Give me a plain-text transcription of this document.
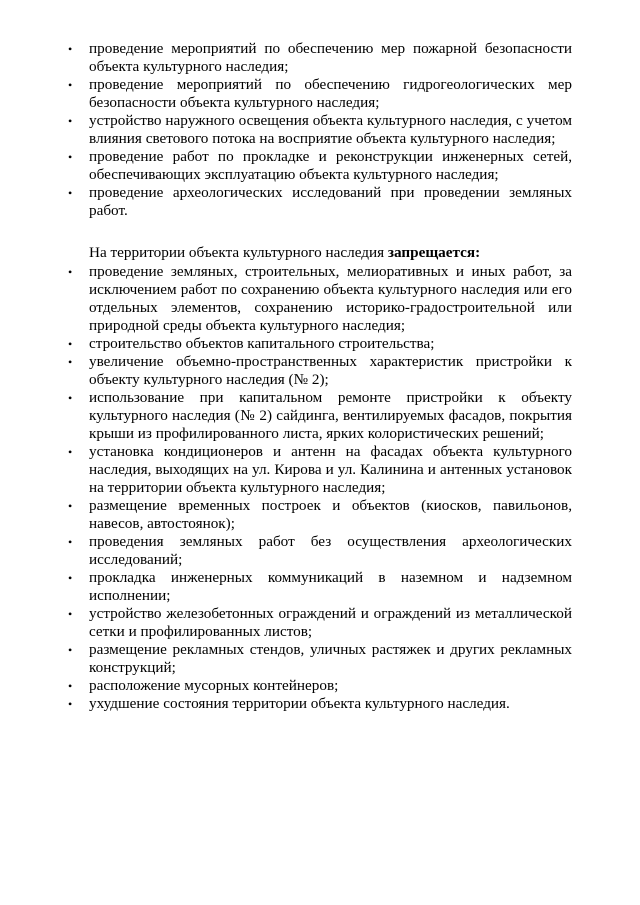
• проведение мероприятий по обеспечению мер пожарной безопасности объекта культурного наследия;
• проведение мероприятий по обеспечению гидрогеологических мер безопасности объекта культурного наследия;
• устройство наружного освещения объекта культурного наследия, с учетом влияния светового потока на восприятие объекта культурного наследия;
• проведение работ по прокладке и реконструкции инженерных сетей, обеспечивающих эксплуатацию объекта культурного наследия;
• проведение археологических исследований при проведении земляных работ.

На территории объекта культурного наследия запрещается:

• проведение земляных, строительных, мелиоративных и иных работ, за исключением работ по сохранению объекта культурного наследия или его отдельных элементов, сохранению историко-градостроительной или природной среды объекта культурного наследия;
• строительство объектов капитального строительства;
• увеличение объемно-пространственных характеристик пристройки к объекту культурного наследия (№ 2);
• использование при капитальном ремонте пристройки к объекту культурного наследия (№ 2) сайдинга, вентилируемых фасадов, покрытия крыши из профилированного листа, ярких колористических решений;
• установка кондиционеров и антенн на фасадах объекта культурного наследия, выходящих на ул. Кирова и ул. Калинина и антенных установок на территории объекта культурного наследия;
• размещение временных построек и объектов (киосков, павильонов, навесов, автостоянок);
• проведения земляных работ без осуществления археологических исследований;
• прокладка инженерных коммуникаций в наземном и надземном исполнении;
• устройство железобетонных ограждений и ограждений из металлической сетки и профилированных листов;
• размещение рекламных стендов, уличных растяжек и других рекламных конструкций;
• расположение мусорных контейнеров;
• ухудшение состояния территории объекта культурного наследия.
